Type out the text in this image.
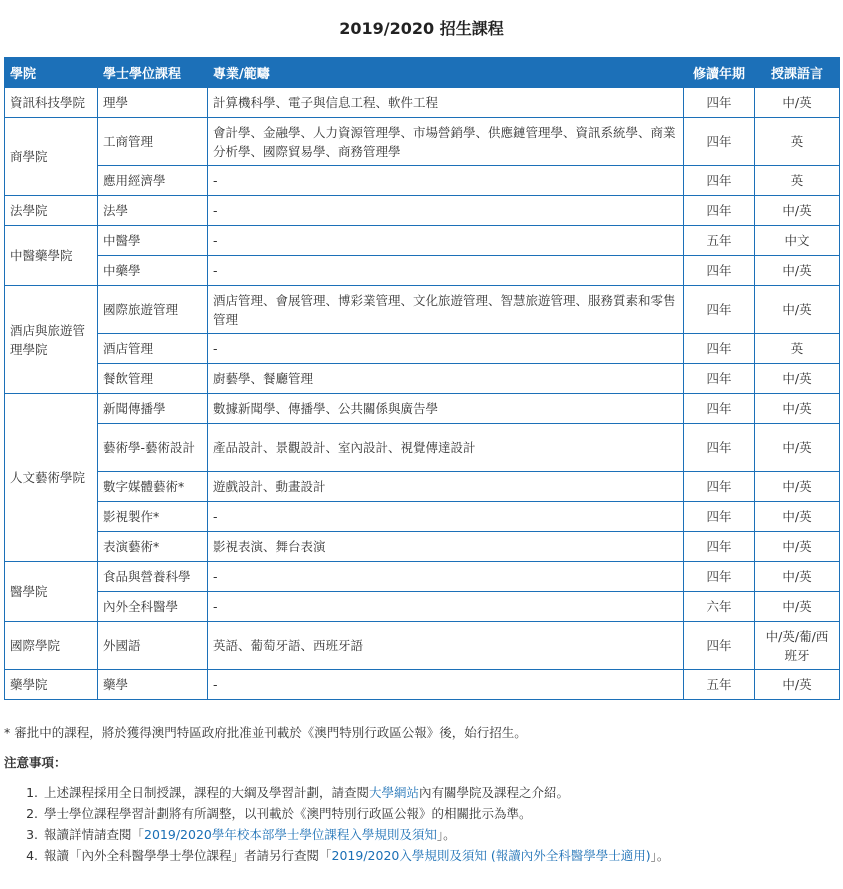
2019/2020 招生課程
學院	學士學位課程	專業/範疇	修讀年期	授課語言
資訊科技學院	理學	計算機科學、電子與信息工程、軟件工程	四年	中/英
商學院	工商管理	會計學、金融學、人力資源管理學、市場營銷學、供應鏈管理學、資訊系統學、商業分析學、國際貿易學、商務管理學	四年	英
	應用經濟學	-	四年	英
法學院	法學	-	四年	中/英
中醫藥學院	中醫學	-	五年	中文
	中藥學	-	四年	中/英
酒店與旅遊管理學院	國際旅遊管理	酒店管理、會展管理、博彩業管理、文化旅遊管理、智慧旅遊管理、服務質素和零售管理	四年	中/英
	酒店管理	-	四年	英
	餐飲管理	廚藝學、餐廳管理	四年	中/英
人文藝術學院	新聞傳播學	數據新聞學、傳播學、公共關係與廣告學	四年	中/英
	藝術學-藝術設計	產品設計、景觀設計、室內設計、視覺傳達設計	四年	中/英
	數字媒體藝術*	遊戲設計、動畫設計	四年	中/英
	影視製作*	-	四年	中/英
	表演藝術*	影視表演、舞台表演	四年	中/英
醫學院	食品與營養科學	-	四年	中/英
	內外全科醫學	-	六年	中/英
國際學院	外國語	英語、葡萄牙語、西班牙語	四年	中/英/葡/西班牙
藥學院	藥學	-	五年	中/英

* 審批中的課程，將於獲得澳門特區政府批准並刊載於《澳門特別行政區公報》後，始行招生。

注意事項：

1. 上述課程採用全日制授課，課程的大綱及學習計劃，請查閱大學網站內有關學院及課程之介紹。
2. 學士學位課程學習計劃將有所調整，以刊載於《澳門特別行政區公報》的相關批示為準。
3. 報讀詳情請查閱「2019/2020學年校本部學士學位課程入學規則及須知」。
4. 報讀「內外全科醫學學士學位課程」者請另行查閱「2019/2020入學規則及須知 (報讀內外全科醫學學士適用)」。
